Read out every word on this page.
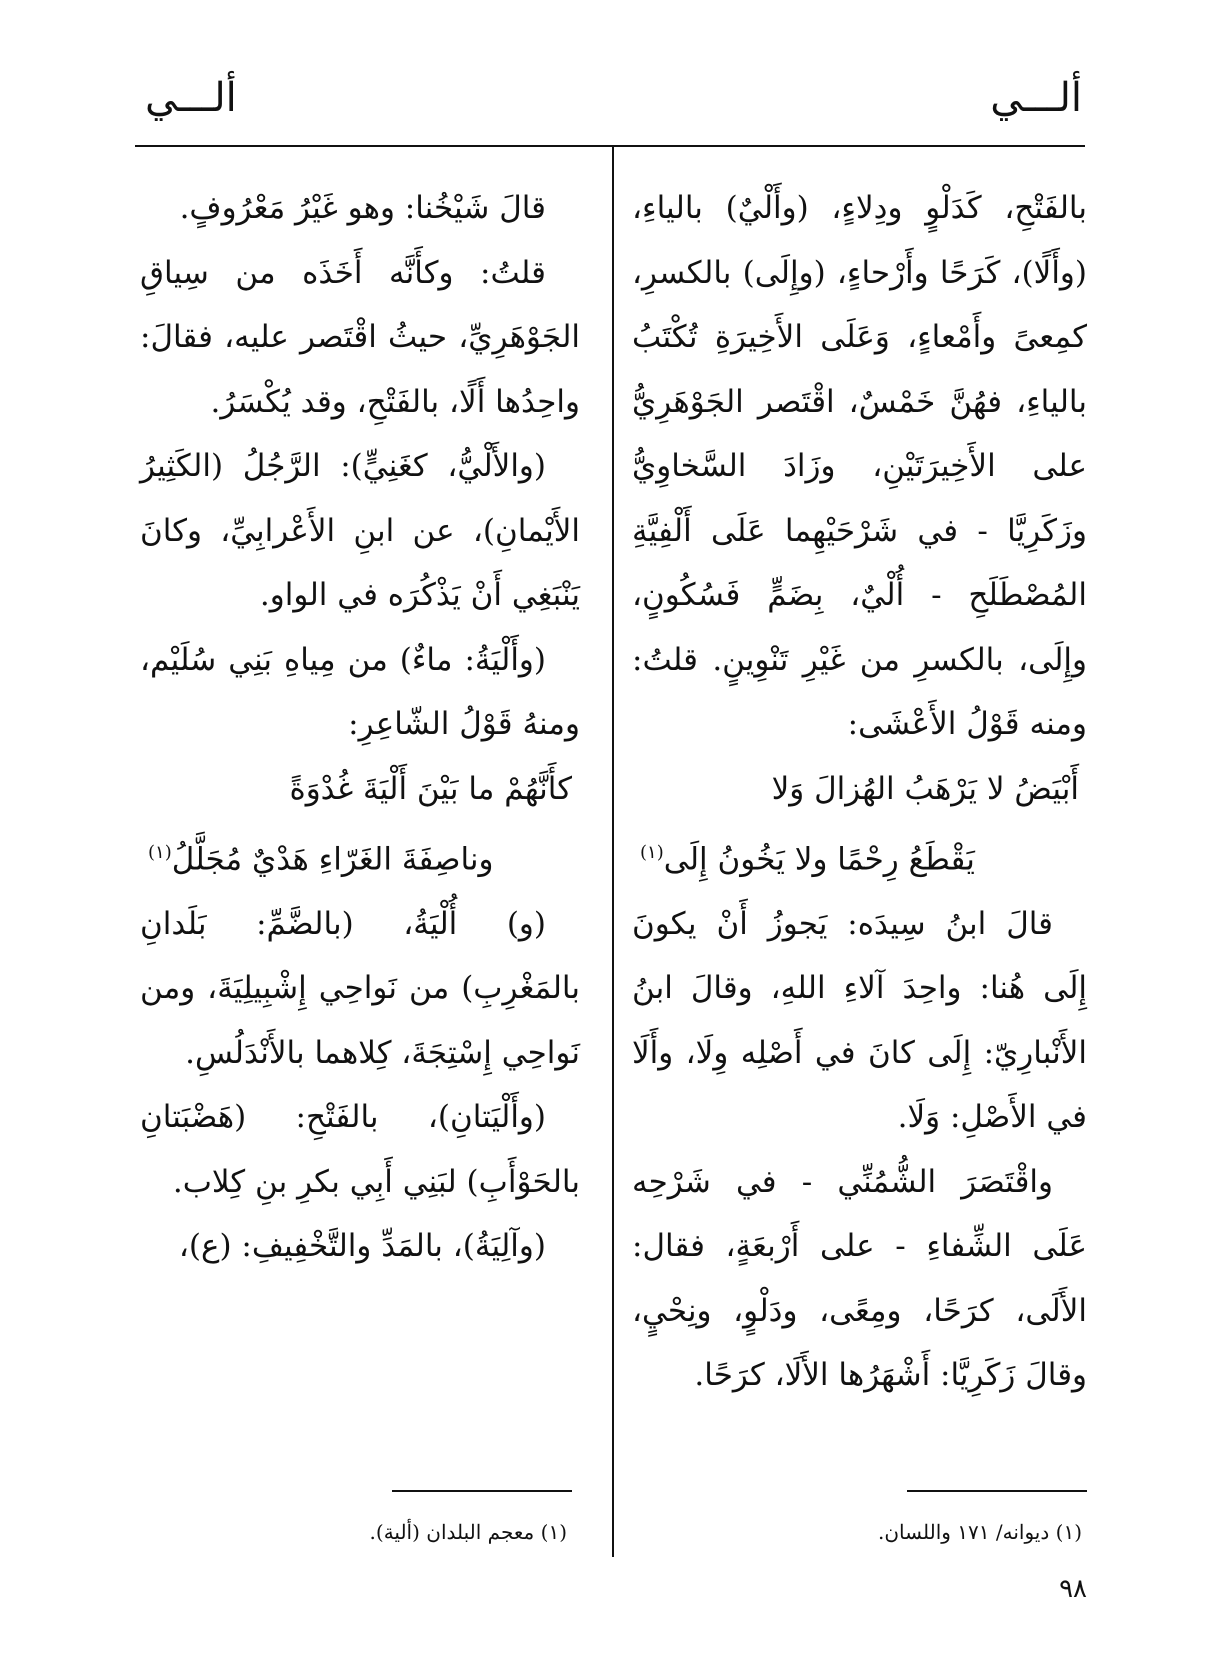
ألـــي
ألـــي

بالفَتْحِ، كَدَلْوٍ ودِلاءٍ، (وأَلْيٌ) بالياءِ، (وأَلًا)، كَرَحًا وأَرْحاءٍ، (وإِلَى) بالكسرِ، كمِعىً وأَمْعاءٍ، وَعَلَى الأَخِيرَةِ تُكْتَبُ بالياءِ، فهُنَّ خَمْسٌ، اقْتَصر الجَوْهَرِيُّ على الأَخِيرَتَيْنِ، وزَادَ السَّخاوِيُّ وزَكَرِيَّا - في شَرْحَيْهِما عَلَى أَلْفِيَّةِ المُصْطَلَحِ - أُلْيٌ، بِضَمٍّ فَسُكُونٍ، وإِلَى، بالكسرِ من غَيْرِ تَنْوِينٍ. قلتُ: ومنه قَوْلُ الأَعْشَى:

أَبْيَضُ لا يَرْهَبُ الهُزالَ وَلا
يَقْطَعُ رِحْمًا ولا يَخُونُ إِلَى$^{(١)}$

قالَ ابنُ سِيدَه: يَجوزُ أَنْ يكونَ إِلَى هُنا: واحِدَ آلاءِ اللهِ، وقالَ ابنُ الأَنْبارِيّ: إِلَى كانَ في أَصْلِه وِلَا، وأَلَا في الأَصْلِ: وَلَا.

واقْتَصَرَ الشُّمُنِّي - في شَرْحِه عَلَى الشِّفاءِ - على أَرْبعَةٍ، فقال: الأَلَى، كرَحًا، ومِعًى، ودَلْوٍ، ونِحْيٍ، وقالَ زَكَرِيَّا: أَشْهَرُها الأَلَا، كرَحًا.

قالَ شَيْخُنا: وهو غَيْرُ مَعْرُوفٍ.

قلتُ: وكأَنَّه أَخَذَه من سِياقِ الجَوْهَرِيِّ، حيثُ اقْتَصر عليه، فقالَ: واحِدُها أَلًا، بالفَتْحِ، وقد يُكْسَرُ.

(والأَلْيُّ، كغَنِيٍّ): الرَّجُلُ (الكَثِيرُ الأَيْمانِ)، عن ابنِ الأَعْرابِيِّ، وكانَ يَنْبَغِي أَنْ يَذْكُرَه في الواو.

(وأَلْيَةُ: ماءٌ) من مِياهِ بَنِي سُلَيْم، ومنهُ قَوْلُ الشّاعِرِ:

كأَنَّهُمْ ما بَيْنَ أَلْيَةَ غُدْوَةً
وناصِفَةَ الغَرّاءِ هَدْيٌ مُجَلَّلُ$^{(١)}$

(و) أُلْيَةُ، (بالضَّمِّ: بَلَدانِ بالمَغْرِبِ) من نَواحِي إِشْبِيلِيَةَ، ومن نَواحِي إِسْتِجَةَ، كِلاهما بالأَنْدَلُسِ.

(وأَلْيَتانِ)، بالفَتْحِ: (هَضْبَتانِ بالحَوْأَبِ) لبَنِي أَبِي بكرِ بنِ كِلاب.

(وآلِيَةُ)، بالمَدِّ والتَّخْفِيفِ: (ع)،

(١) ديوانه/ ١٧١ واللسان.
(١) معجم البلدان (ألية).
٩٨
